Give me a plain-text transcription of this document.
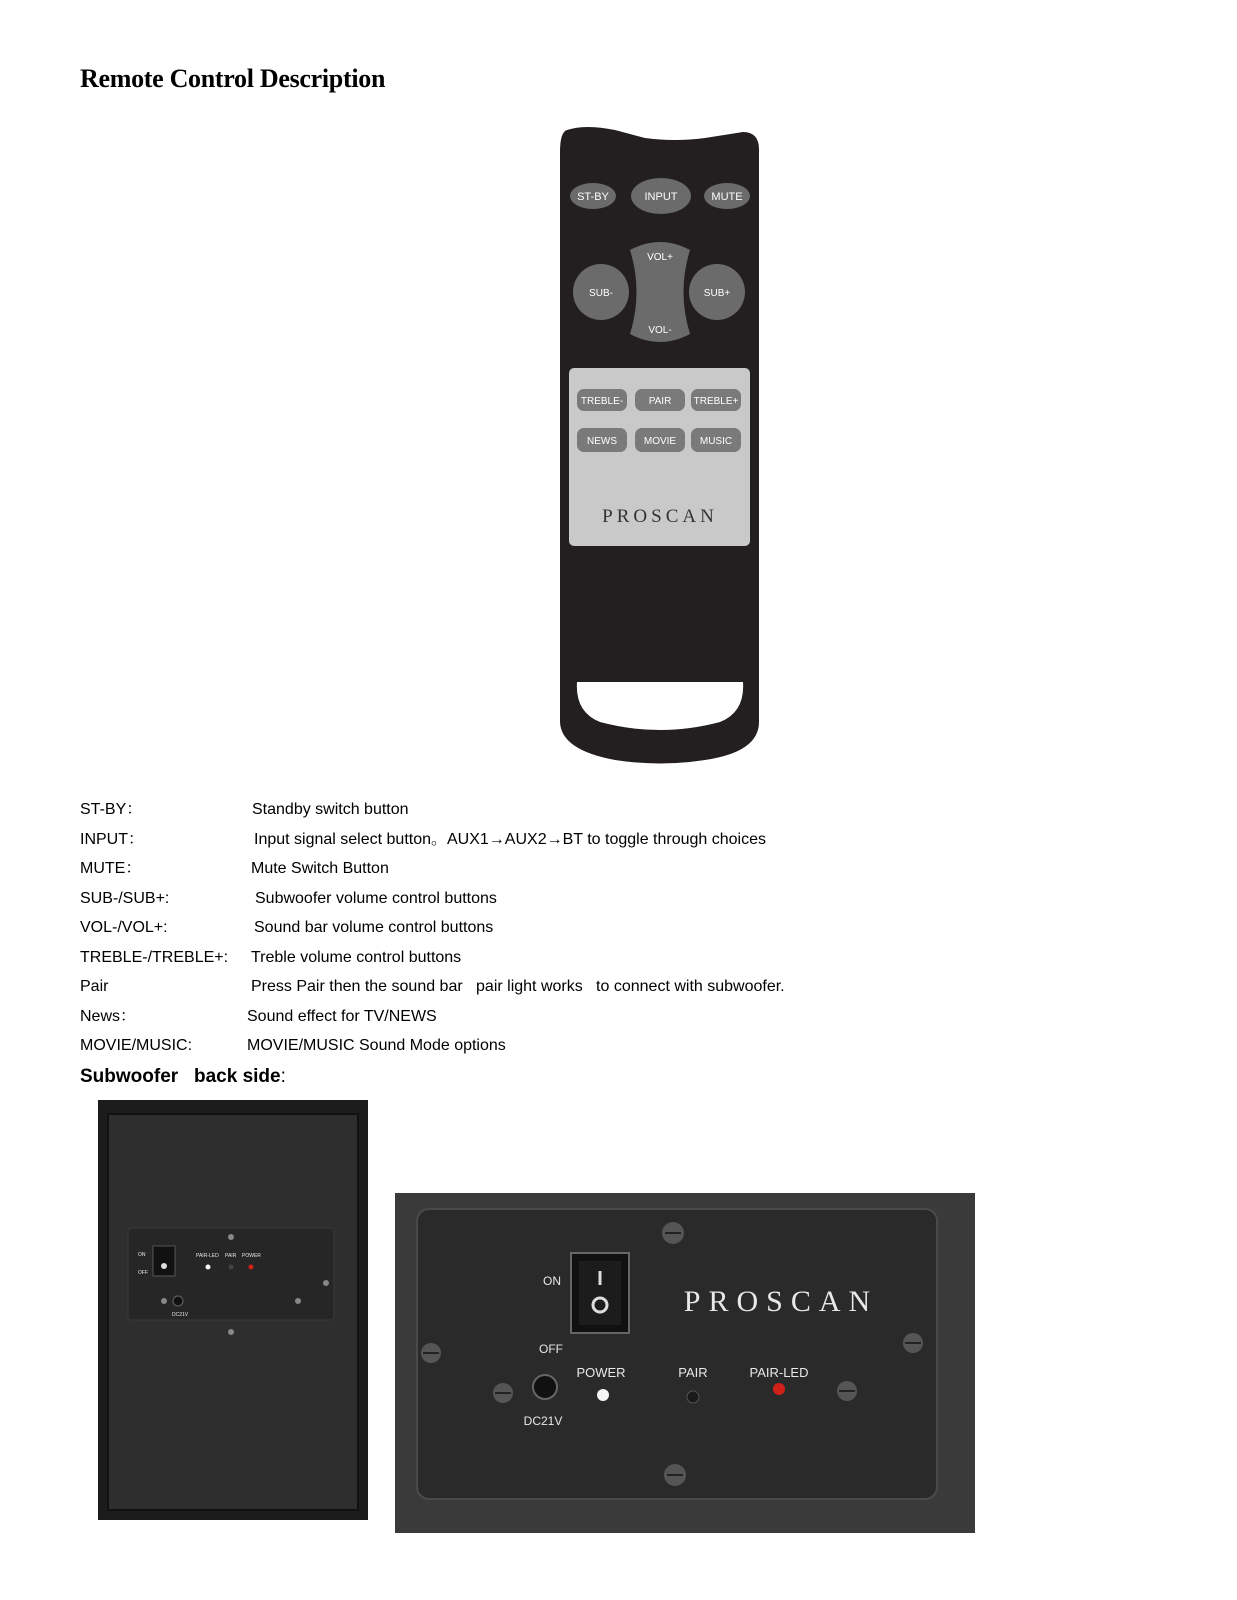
Remote Control Description
ST-BY	INPUT	MUTE
VOL+
VOL-
SUB-	SUB+
TREBLE-	PAIR TREBLE+
NEWS	MOVIE MUSIC
PROSCAN
ST-BY：	Standby switch button
INPUT：	Input signal select button。AUX1→AUX2→BT to toggle through choices
MUTE：	Mute Switch Button
SUB-/SUB+:	Subwoofer volume control buttons
VOL-/VOL+:	Sound bar volume control buttons
TREBLE-/TREBLE+: Treble volume control buttons
Pair	Press Pair then the sound bar   pair light works   to connect with subwoofer.
News：	Sound effect for TV/NEWS
MOVIE/MUSIC:	MOVIE/MUSIC Sound Mode options
Subwoofer   back side:
ON
OFF
PAIR-LED PAIR POWER
DC21V
ON
OFF
PROSCAN
POWER	PAIR	PAIR-LED
DC21V
